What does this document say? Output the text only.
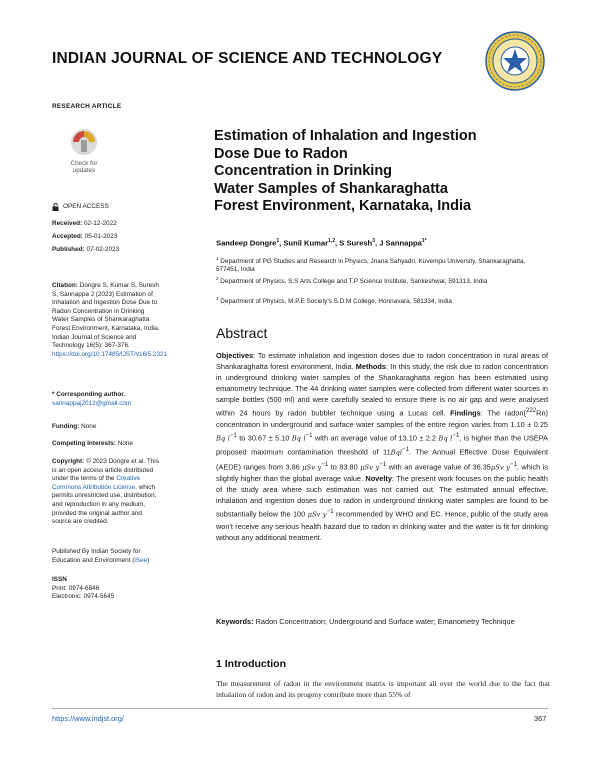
INDIAN JOURNAL OF SCIENCE AND TECHNOLOGY
RESEARCH ARTICLE
Check for
updates
OPEN ACCESS
Received: 02-12-2022
Accepted: 05-01-2023
Published: 07-02-2023
Citation: Dongre S, Kumar S, Suresh S, Sannappa J (2023) Estimation of Inhalation and Ingestion Dose Due to Radon Concentration in Drinking Water Samples of Shankaraghatta Forest Environment, Karnataka, India. Indian Journal of Science and Technology 16(5): 367-376. https://doi.org/10.17485/IJST/v16i5.2321
* Corresponding author.
sannappaj2012@gmail.com
Funding: None
Competing Interests: None
Copyright: © 2023 Dongre et al. This is an open access article distributed under the terms of the Creative Commons Attribution License, which permits unrestricted use, distribution, and reproduction in any medium, provided the original author and source are credited.
Published By Indian Society for Education and Environment (iSee)
ISSN
Print: 0974-6846
Electronic: 0974-5645
Estimation of Inhalation and Ingestion
Dose Due to Radon
Concentration in Drinking
Water Samples of Shankaraghatta
Forest Environment, Karnataka, India
Sandeep Dongre$^1$, Sunil Kumar$^{1,2}$, S Suresh$^3$, J Sannappa$^{1*}$
$^1$ Department of PG Studies and Research in Physics, Jnana Sahyadri, Kuvempu University, Shankaraghatta, 577451, India
$^2$ Department of Physics, S.S Arts College and T.P Science Institute, Sankeshwar, 591313, India
$^3$ Department of Physics, M.P.E Society's S.D.M College, Honnavara, 581334, India
Abstract
Objectives: To estimate inhalation and ingestion doses due to radon concentration in rural areas of Shankaraghatta forest environment, India. Methods: In this study, the risk due to radon concentration in underground drinking water samples of the Shankaraghatta region has been estimated using emanometry technique. The 44 drinking water samples were collected from different water sources in sample bottles (500 ml) and were carefully sealed to ensure there is no air gap and were analysed within 24 hours by radon bubbler technique using a Lucas cell. Findings: The radon($^{222}$Rn) concentration in underground and surface water samples of the entire region varies from 1.10 ± 0.25 Bq $l^{-1}$ to 30.67 ± 5.10 Bq $l^{-1}$ with an average value of 13.10 ± 2.2 Bq $l^{-1}$, is higher than the USEPA proposed maximum contamination threshold of 11Bql$^{-1}$. The Annual Effective Dose Equivalent (AEDE) ranges from 3.86 μSv $y^{-1}$ to 83.80 μSv $y^{-1}$ with an average value of 36.35μSv $y^{-1}$, which is slightly higher than the global average value. Novelty: The present work focuses on the public health of the study area where such estimation was not carried out. The estimated annual effective, inhalation and ingestion doses due to radon in underground drinking water samples are found to be substantially below the 100 μSv $y^{-1}$ recommended by WHO and EC. Hence, public of the study area won't receive any serious health hazard due to radon in drinking water and the water is fit for drinking without any additional treatment.
Keywords: Radon Concentration; Underground and Surface water; Emanometry Technique
1 Introduction
The measurement of radon in the environment matrix is important all over the world due to the fact that inhalation of radon and its progeny contribute more than 55% of
https://www.indjst.org/	367
